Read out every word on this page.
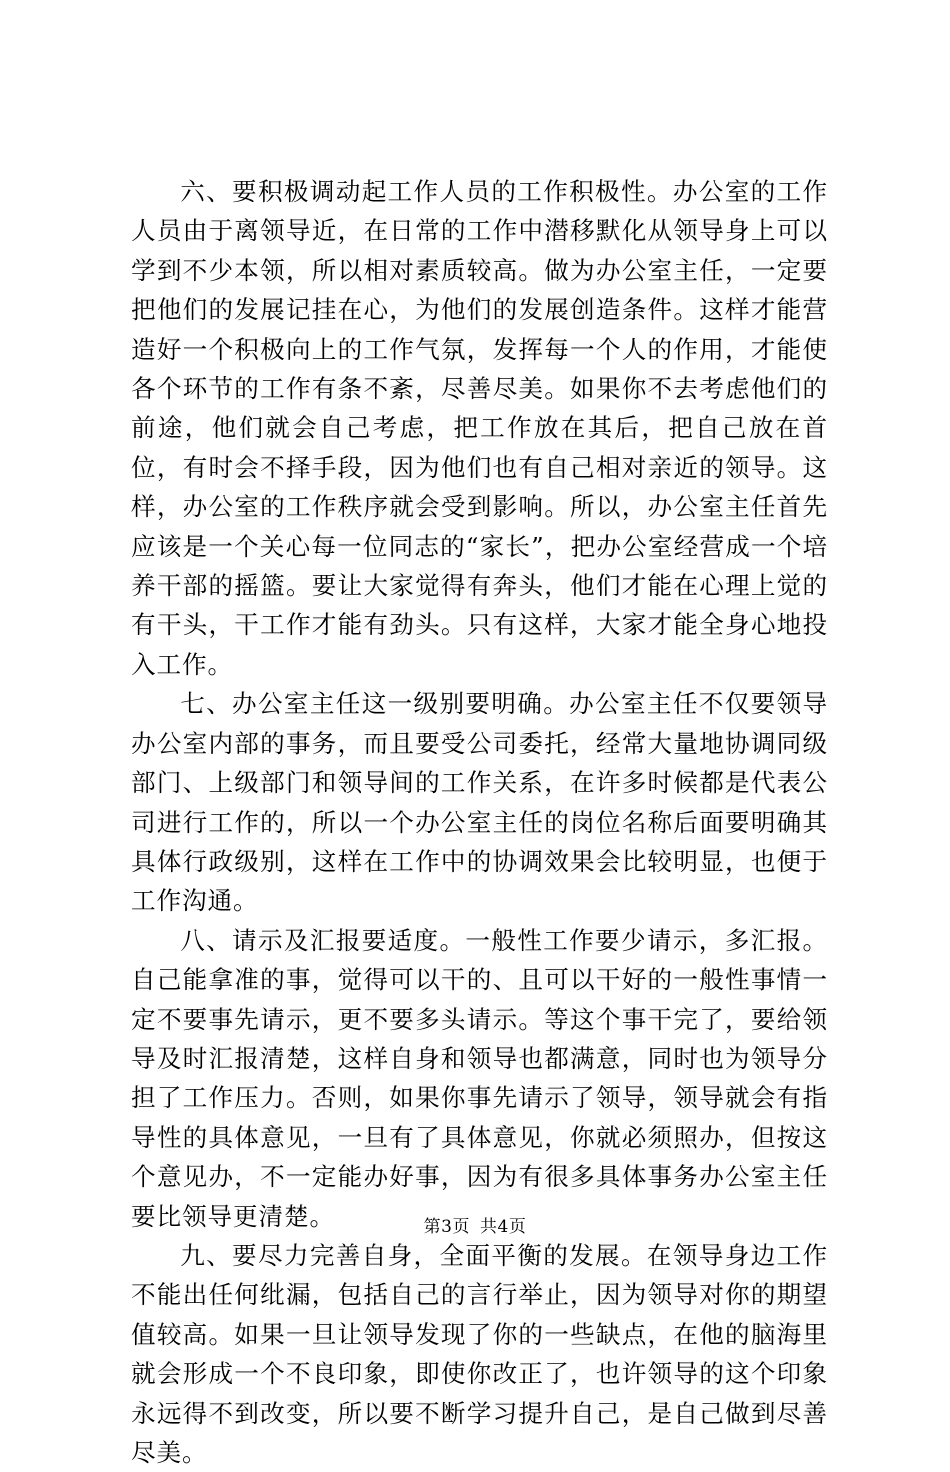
六、要积极调动起工作人员的工作积极性。办公室的工作人员由于离领导近，在日常的工作中潜移默化从领导身上可以学到不少本领，所以相对素质较高。做为办公室主任，一定要把他们的发展记挂在心，为他们的发展创造条件。这样才能营造好一个积极向上的工作气氛，发挥每一个人的作用，才能使各个环节的工作有条不紊，尽善尽美。如果你不去考虑他们的前途，他们就会自己考虑，把工作放在其后，把自己放在首位，有时会不择手段，因为他们也有自己相对亲近的领导。这样，办公室的工作秩序就会受到影响。所以，办公室主任首先应该是一个关心每一位同志的“家长”，把办公室经营成一个培养干部的摇篮。要让大家觉得有奔头，他们才能在心理上觉的有干头，干工作才能有劲头。只有这样，大家才能全身心地投入工作。

七、办公室主任这一级别要明确。办公室主任不仅要领导办公室内部的事务，而且要受公司委托，经常大量地协调同级部门、上级部门和领导间的工作关系，在许多时候都是代表公司进行工作的，所以一个办公室主任的岗位名称后面要明确其具体行政级别，这样在工作中的协调效果会比较明显，也便于工作沟通。

八、请示及汇报要适度。一般性工作要少请示，多汇报。自己能拿准的事，觉得可以干的、且可以干好的一般性事情一定不要事先请示，更不要多头请示。等这个事干完了，要给领导及时汇报清楚，这样自身和领导也都满意，同时也为领导分担了工作压力。否则，如果你事先请示了领导，领导就会有指导性的具体意见，一旦有了具体意见，你就必须照办，但按这个意见办，不一定能办好事，因为有很多具体事务办公室主任要比领导更清楚。

九、要尽力完善自身，全面平衡的发展。在领导身边工作不能出任何纰漏，包括自己的言行举止，因为领导对你的期望值较高。如果一旦让领导发现了你的一些缺点，在他的脑海里就会形成一个不良印象，即使你改正了，也许领导的这个印象永远得不到改变，所以要不断学习提升自己，是自己做到尽善尽美。

第3页 共4页
